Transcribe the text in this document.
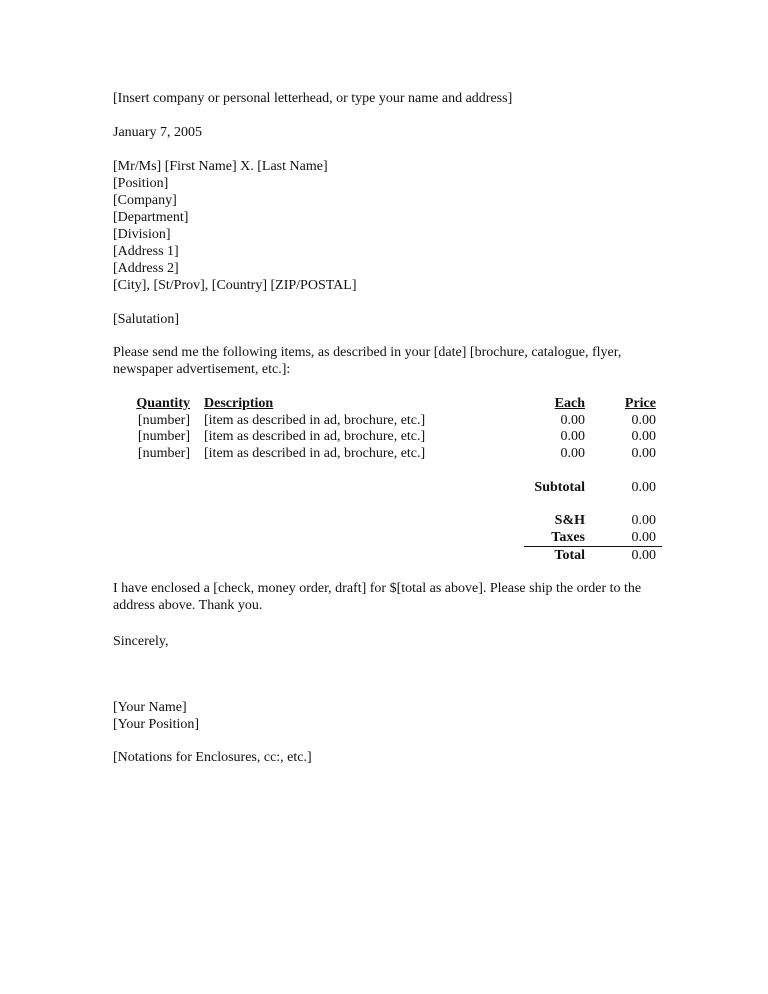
[Insert company or personal letterhead, or type your name and address]
January 7, 2005
[Mr/Ms] [First Name] X. [Last Name]
[Position]
[Company]
[Department]
[Division]
[Address 1]
[Address 2]
[City], [St/Prov], [Country] [ZIP/POSTAL]
[Salutation]
Please send me the following items, as described in your [date] [brochure, catalogue, flyer, newspaper advertisement, etc.]:
Quantity Description	Each	Price
[number] [item as described in ad, brochure, etc.]	0.00	0.00
[number] [item as described in ad, brochure, etc.]	0.00	0.00
[number] [item as described in ad, brochure, etc.]	0.00	0.00
Subtotal	0.00
S&H	0.00
Taxes	0.00
Total	0.00
I have enclosed a [check, money order, draft] for $[total as above]. Please ship the order to the address above. Thank you.
Sincerely,
[Your Name]
[Your Position]
[Notations for Enclosures, cc:, etc.]
